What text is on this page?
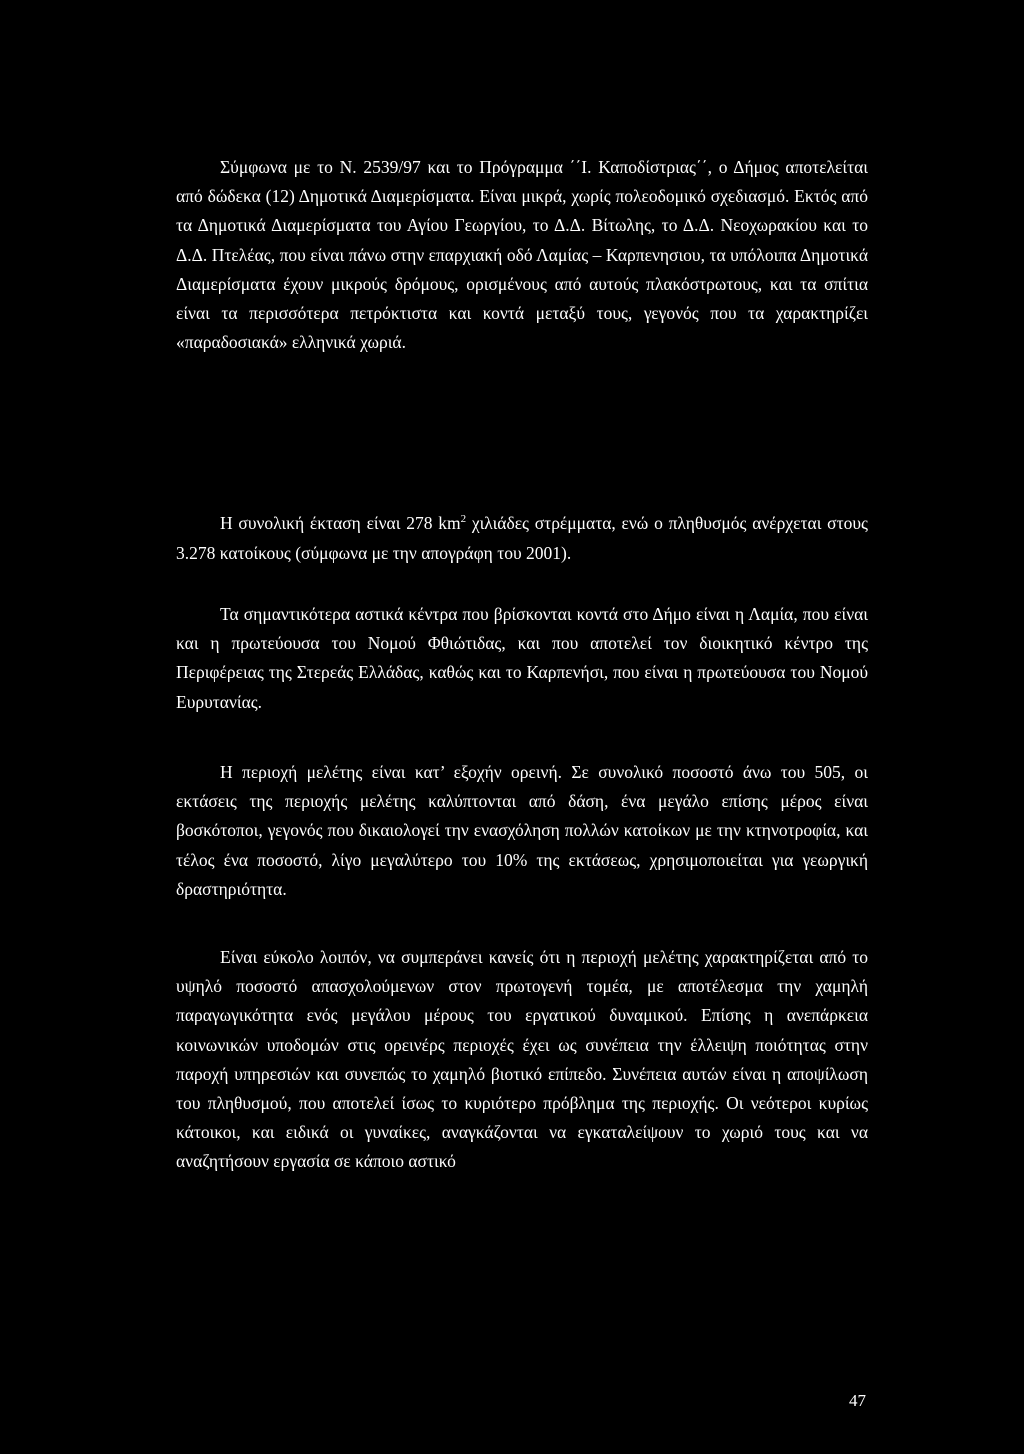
Σύμφωνα με το Ν. 2539/97 και το Πρόγραμμα ΄΄Ι. Καποδίστριας΄΄, ο Δήμος αποτελείται από δώδεκα (12) Δημοτικά Διαμερίσματα. Είναι μικρά, χωρίς πολεοδομικό σχεδιασμό. Εκτός από τα Δημοτικά Διαμερίσματα του Αγίου Γεωργίου, το Δ.Δ. Βίτωλης, το Δ.Δ. Νεοχωρακίου και το Δ.Δ. Πτελέας, που είναι πάνω στην επαρχιακή οδό Λαμίας – Καρπενησιου, τα υπόλοιπα Δημοτικά Διαμερίσματα έχουν μικρούς δρόμους, ορισμένους από αυτούς πλακόστρωτους, και τα σπίτια είναι τα περισσότερα πετρόκτιστα και κοντά μεταξύ τους, γεγονός που τα χαρακτηρίζει «παραδοσιακά» ελληνικά χωριά.

Η συνολική έκταση είναι 278 $km^2$ χιλιάδες στρέμματα, ενώ ο πληθυσμός ανέρχεται στους 3.278 κατοίκους (σύμφωνα με την απογράφη του 2001).

Τα σημαντικότερα αστικά κέντρα που βρίσκονται κοντά στο Δήμο είναι η Λαμία, που είναι και η πρωτεύουσα του Νομού Φθιώτιδας, και που αποτελεί τον διοικητικό κέντρο της Περιφέρειας της Στερεάς Ελλάδας, καθώς και το Καρπενήσι, που είναι η πρωτεύουσα του Νομού Ευρυτανίας.

Η περιοχή μελέτης είναι κατ’ εξοχήν ορεινή. Σε συνολικό ποσοστό άνω του 505, οι εκτάσεις της περιοχής μελέτης καλύπτονται από δάση, ένα μεγάλο επίσης μέρος είναι βοσκότοποι, γεγονός που δικαιολογεί την ενασχόληση πολλών κατοίκων με την κτηνοτροφία, και τέλος ένα ποσοστό, λίγο μεγαλύτερο του 10% της εκτάσεως, χρησιμοποιείται για γεωργική δραστηριότητα.

Είναι εύκολο λοιπόν, να συμπεράνει κανείς ότι η περιοχή μελέτης χαρακτηρίζεται από το υψηλό ποσοστό απασχολούμενων στον πρωτογενή τομέα, με αποτέλεσμα την χαμηλή παραγωγικότητα ενός μεγάλου μέρους του εργατικού δυναμικού. Επίσης η ανεπάρκεια κοινωνικών υποδομών στις ορεινέρς περιοχές έχει ως συνέπεια την έλλειψη ποιότητας στην παροχή υπηρεσιών και συνεπώς το χαμηλό βιοτικό επίπεδο. Συνέπεια αυτών είναι η αποψίλωση του πληθυσμού, που αποτελεί ίσως το κυριότερο πρόβλημα της περιοχής. Οι νεότεροι κυρίως κάτοικοι, και ειδικά οι γυναίκες, αναγκάζονται να εγκαταλείψουν το χωριό τους και να αναζητήσουν εργασία σε κάποιο αστικό

47
